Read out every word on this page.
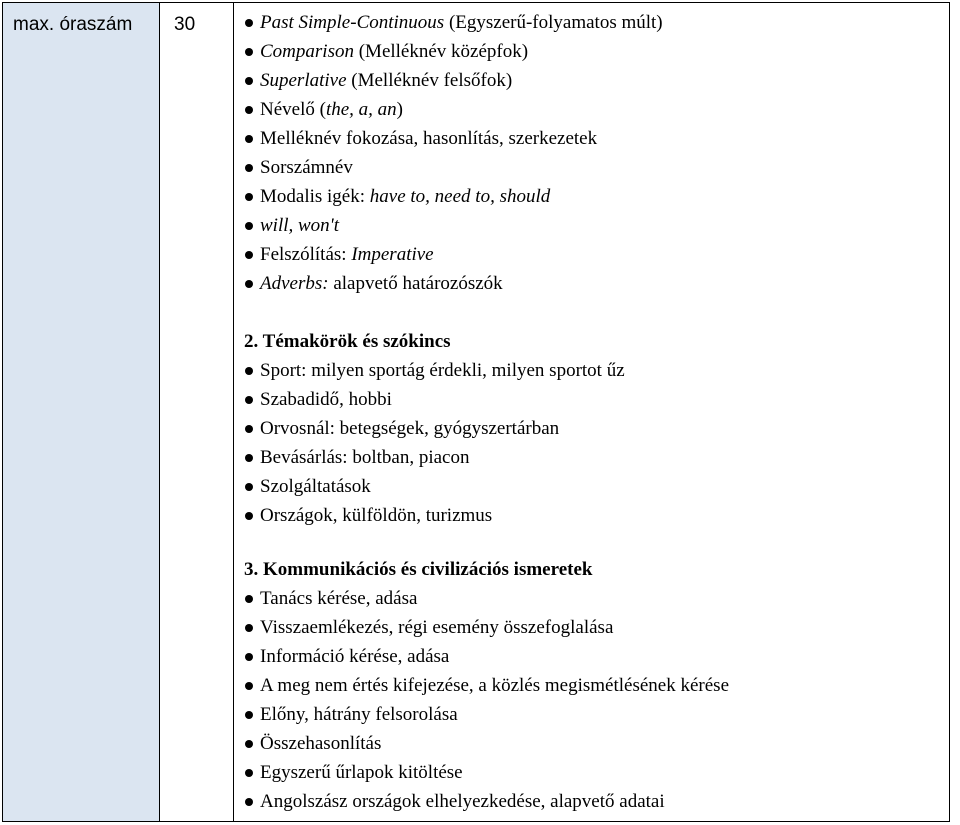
max. óraszám	30	Past Simple-Continuous (Egyszerű-folyamatos múlt)
Comparison (Melléknév középfok)
Superlative (Melléknév felsőfok)
Névelő (the, a, an)
Melléknév fokozása, hasonlítás, szerkezetek
Sorszámnév
Modalis igék: have to, need to, should
will, won't
Felszólítás: Imperative
Adverbs: alapvető határozószók
2. Témakörök és szókincs
Sport: milyen sportág érdekli, milyen sportot űz
Szabadidő, hobbi
Orvosnál: betegségek, gyógyszertárban
Bevásárlás: boltban, piacon
Szolgáltatások
Országok, külföldön, turizmus
3. Kommunikációs és civilizációs ismeretek
Tanács kérése, adása
Visszaemlékezés, régi esemény összefoglalása
Információ kérése, adása
A meg nem értés kifejezése, a közlés megismétlésének kérése
Előny, hátrány felsorolása
Összehasonlítás
Egyszerű űrlapok kitöltése
Angolszász országok elhelyezkedése, alapvető adatai
